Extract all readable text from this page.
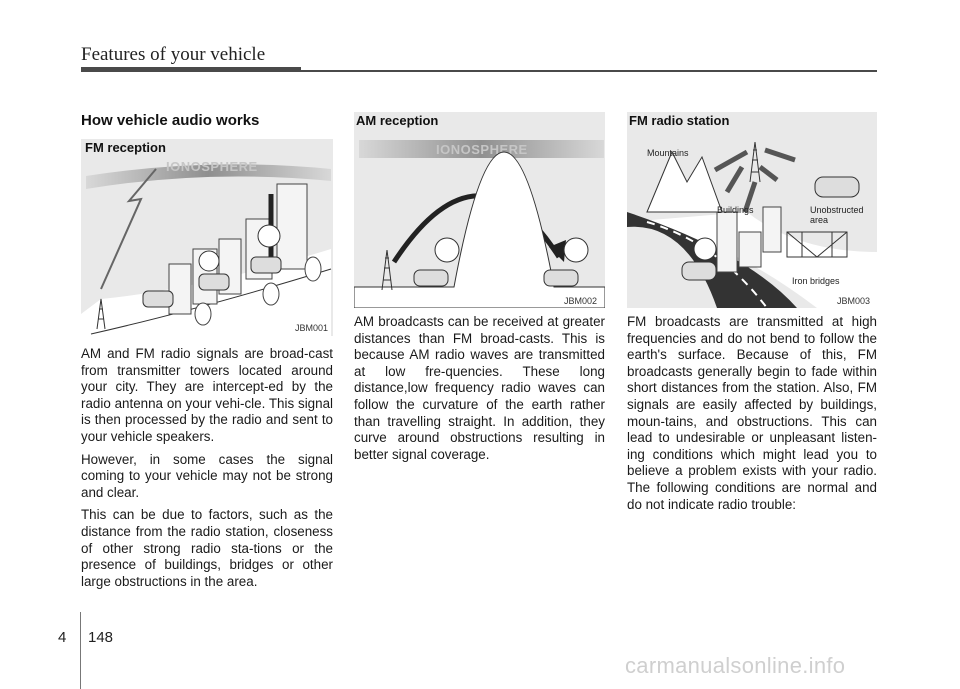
Features of your vehicle
How vehicle audio works
IONOSPHERE
FM reception
JBM001

AM and FM radio signals are broad-cast from transmitter towers located around your city. They are intercept-ed by the radio antenna on your vehi-cle. This signal is then processed by the radio and sent to your vehicle speakers.

However, in some cases the signal coming to your vehicle may not be strong and clear.

This can be due to factors, such as the distance from the radio station, closeness of other strong radio sta-tions or the presence of buildings, bridges or other large obstructions in the area.

IONOSPHERE
AM reception
JBM002

AM broadcasts can be received at greater distances than FM broad-casts. This is because AM radio waves are transmitted at low fre-quencies. These long distance,low frequency radio waves can follow the curvature of the earth rather than travelling straight. In addition, they curve around obstructions resulting in better signal coverage.

Mountains
Buildings	Unobstructed
area
Iron bridges
FM radio station
JBM003

FM broadcasts are transmitted at high frequencies and do not bend to follow the earth's surface. Because of this, FM broadcasts generally begin to fade within short distances from the station. Also, FM signals are easily affected by buildings, moun-tains, and obstructions. This can lead to undesirable or unpleasant listen-ing conditions which might lead you to believe a problem exists with your radio. The following conditions are normal and do not indicate radio trouble:

4 148
carmanualsonline.info
